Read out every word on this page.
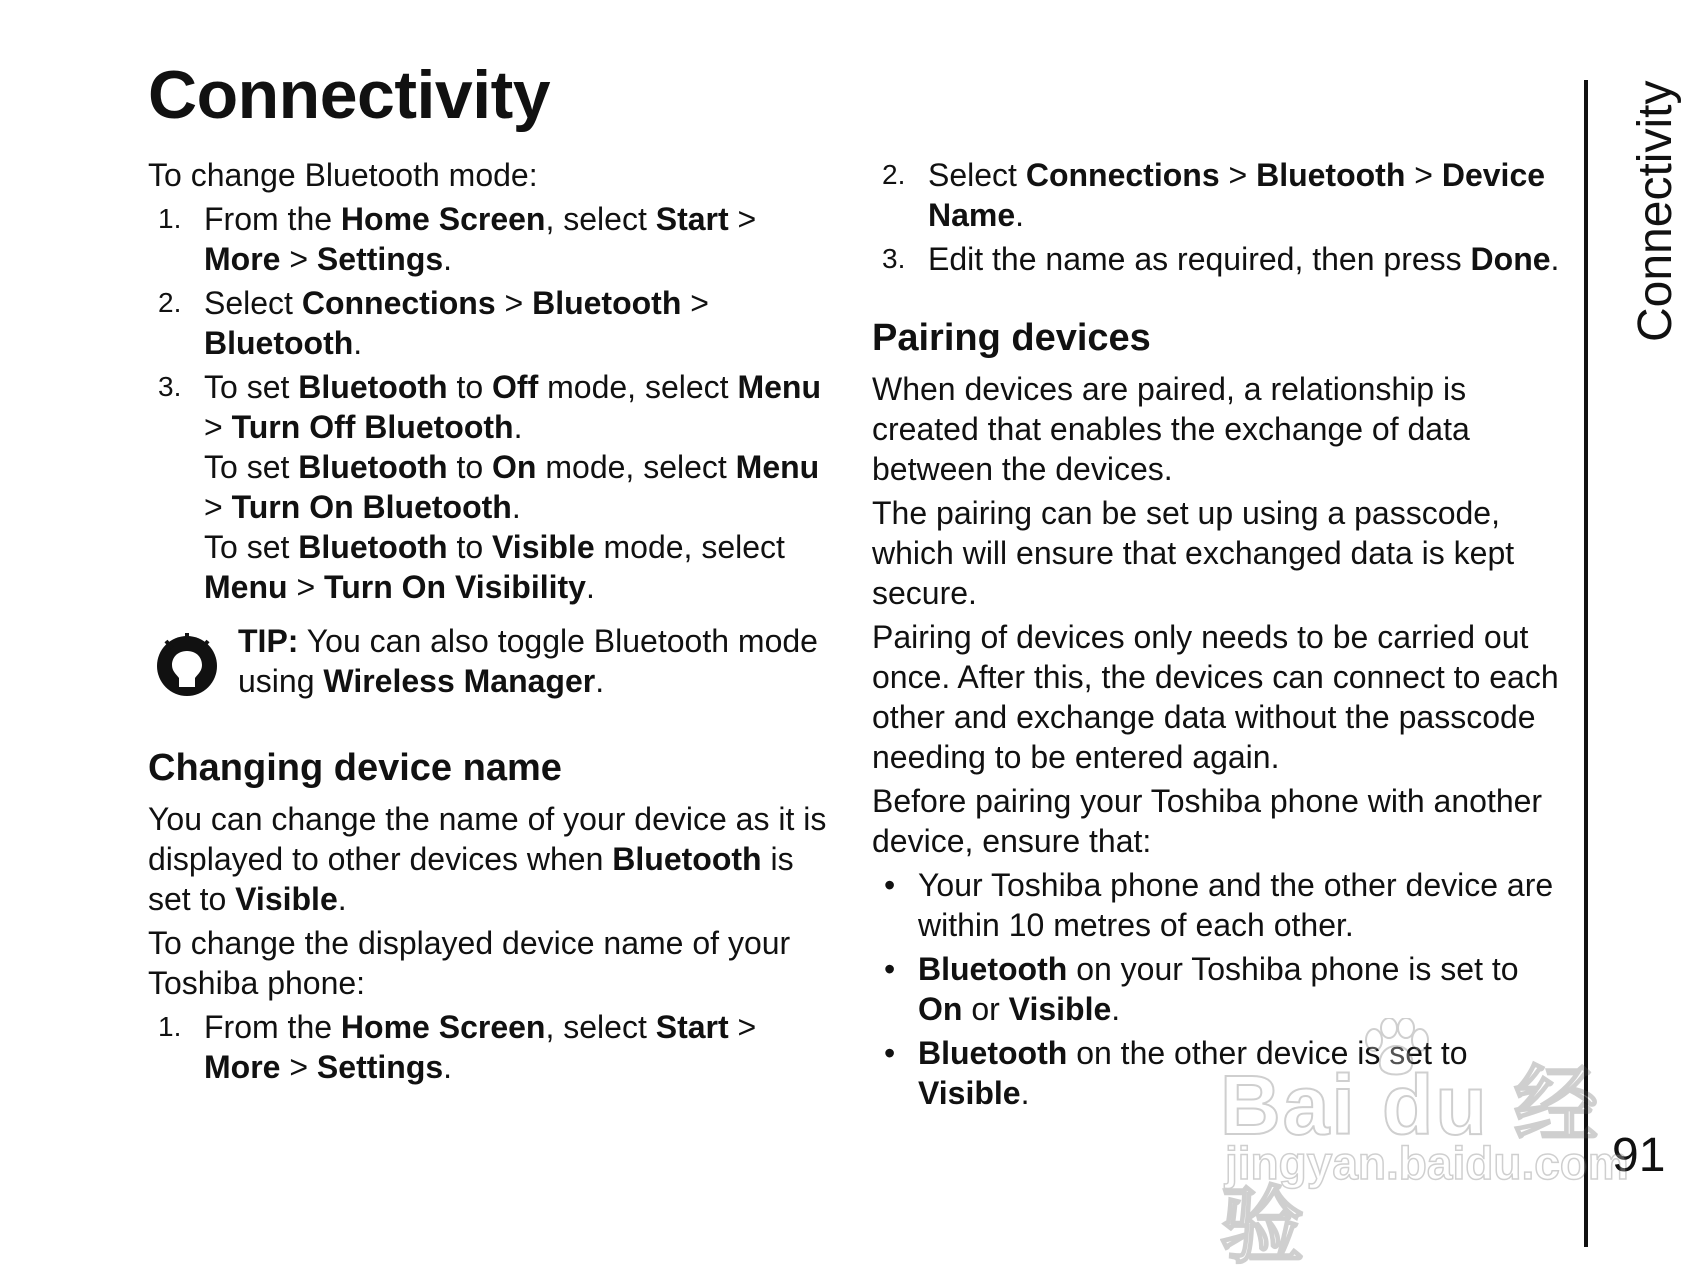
Connectivity

To change Bluetooth mode:

1. From the Home Screen, select Start > More > Settings.
2. Select Connections > Bluetooth > Bluetooth.
3. To set Bluetooth to Off mode, select Menu > Turn Off Bluetooth.
To set Bluetooth to On mode, select Menu > Turn On Bluetooth.
To set Bluetooth to Visible mode, select Menu > Turn On Visibility.
TIP: You can also toggle Bluetooth mode using Wireless Manager.
Changing device name

You can change the name of your device as it is displayed to other devices when Bluetooth is set to Visible.

To change the displayed device name of your Toshiba phone:

1. From the Home Screen, select Start > More > Settings.
2. Select Connections > Bluetooth > Device Name.
3. Edit the name as required, then press Done.
Pairing devices

When devices are paired, a relationship is created that enables the exchange of data between the devices.

The pairing can be set up using a passcode, which will ensure that exchanged data is kept secure.

Pairing of devices only needs to be carried out once. After this, the devices can connect to each other and exchange data without the passcode needing to be entered again.

Before pairing your Toshiba phone with another device, ensure that:

• Your Toshiba phone and the other device are within 10 metres of each other.
• Bluetooth on your Toshiba phone is set to On or Visible.
• Bluetooth on the other device is set to Visible.
Connectivity
91
Bai du 经验
jingyan.baidu.com
